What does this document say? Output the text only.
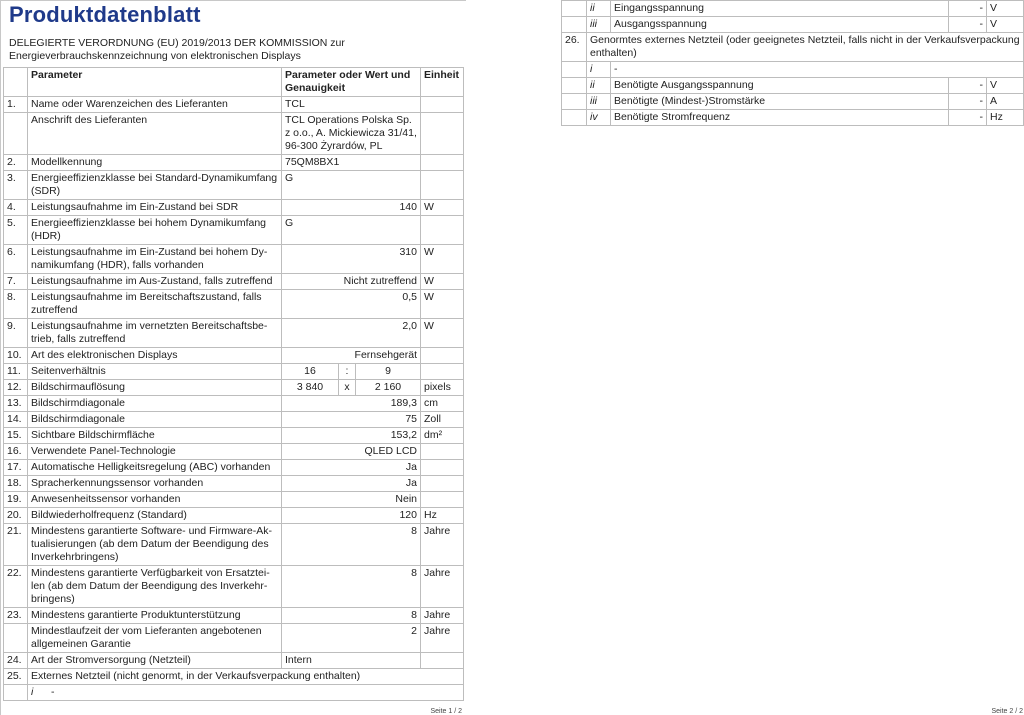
Produktdatenblatt
DELEGIERTE VERORDNUNG (EU) 2019/2013 DER KOMMISSION zur Energieverbrauchskennzeichnung von elektronischen Displays
	Parameter	Parameter oder Wert und Genauigkeit			Einheit
1.	Name oder Warenzeichen des Lieferanten	TCL			
	Anschrift des Lieferanten	TCL Operations Polska Sp. z o.o., A. Mickiewicza 31/41, 96-300 Żyrardów, PL			
2.	Modellkennung	75QM8BX1			
3.	Energieeffizienzklasse bei Standard-Dynamikumfang (SDR)	G			
4.	Leistungsaufnahme im Ein-Zustand bei SDR	140			W
5.	Energieeffizienzklasse bei hohem Dynamikumfang (HDR)	G			
6.	Leistungsaufnahme im Ein-Zustand bei hohem Dy-namikumfang (HDR), falls vorhanden	310			W
7.	Leistungsaufnahme im Aus-Zustand, falls zutreffend	Nicht zutreffend			W
8.	Leistungsaufnahme im Bereitschaftszustand, falls zutreffend	0,5			W
9.	Leistungsaufnahme im vernetzten Bereitschaftsbe-trieb, falls zutreffend	2,0			W
10.	Art des elektronischen Displays	Fernsehgerät			
11.	Seitenverhältnis	16	:	9	
12.	Bildschirmauflösung	3 840	x	2 160	pixels
13.	Bildschirmdiagonale	189,3			cm
14.	Bildschirmdiagonale	75			Zoll
15.	Sichtbare Bildschirmfläche	153,2			dm²
16.	Verwendete Panel-Technologie	QLED LCD			
17.	Automatische Helligkeitsregelung (ABC) vorhanden	Ja			
18.	Spracherkennungssensor vorhanden	Ja			
19.	Anwesenheitssensor vorhanden	Nein			
20.	Bildwiederholfrequenz (Standard)	120			Hz
21.	Mindestens garantierte Software- und Firmware-Ak-tualisierungen (ab dem Datum der Beendigung des Inverkehrbringens)	8			Jahre
22.	Mindestens garantierte Verfügbarkeit von Ersatztei-len (ab dem Datum der Beendigung des Inverkehr-bringens)	8			Jahre
23.	Mindestens garantierte Produktunterstützung	8			Jahre
	Mindestlaufzeit der vom Lieferanten angebotenen allgemeinen Garantie	2			Jahre
24.	Art der Stromversorgung (Netzteil)	Intern			
25.	Externes Netzteil (nicht genormt, in der Verkaufsverpackung enthalten)				
	i -				
Seite 1 / 2
	ii	Eingangsspannung	-	V
	iii	Ausgangsspannung	-	V
26.	Genormtes externes Netzteil (oder geeignetes Netzteil, falls nicht in der Verkaufsverpackung enthalten)			
	i	-		
	ii	Benötigte Ausgangsspannung	-	V
	iii	Benötigte (Mindest-)Stromstärke	-	A
	iv	Benötigte Stromfrequenz	-	Hz
Seite 2 / 2
